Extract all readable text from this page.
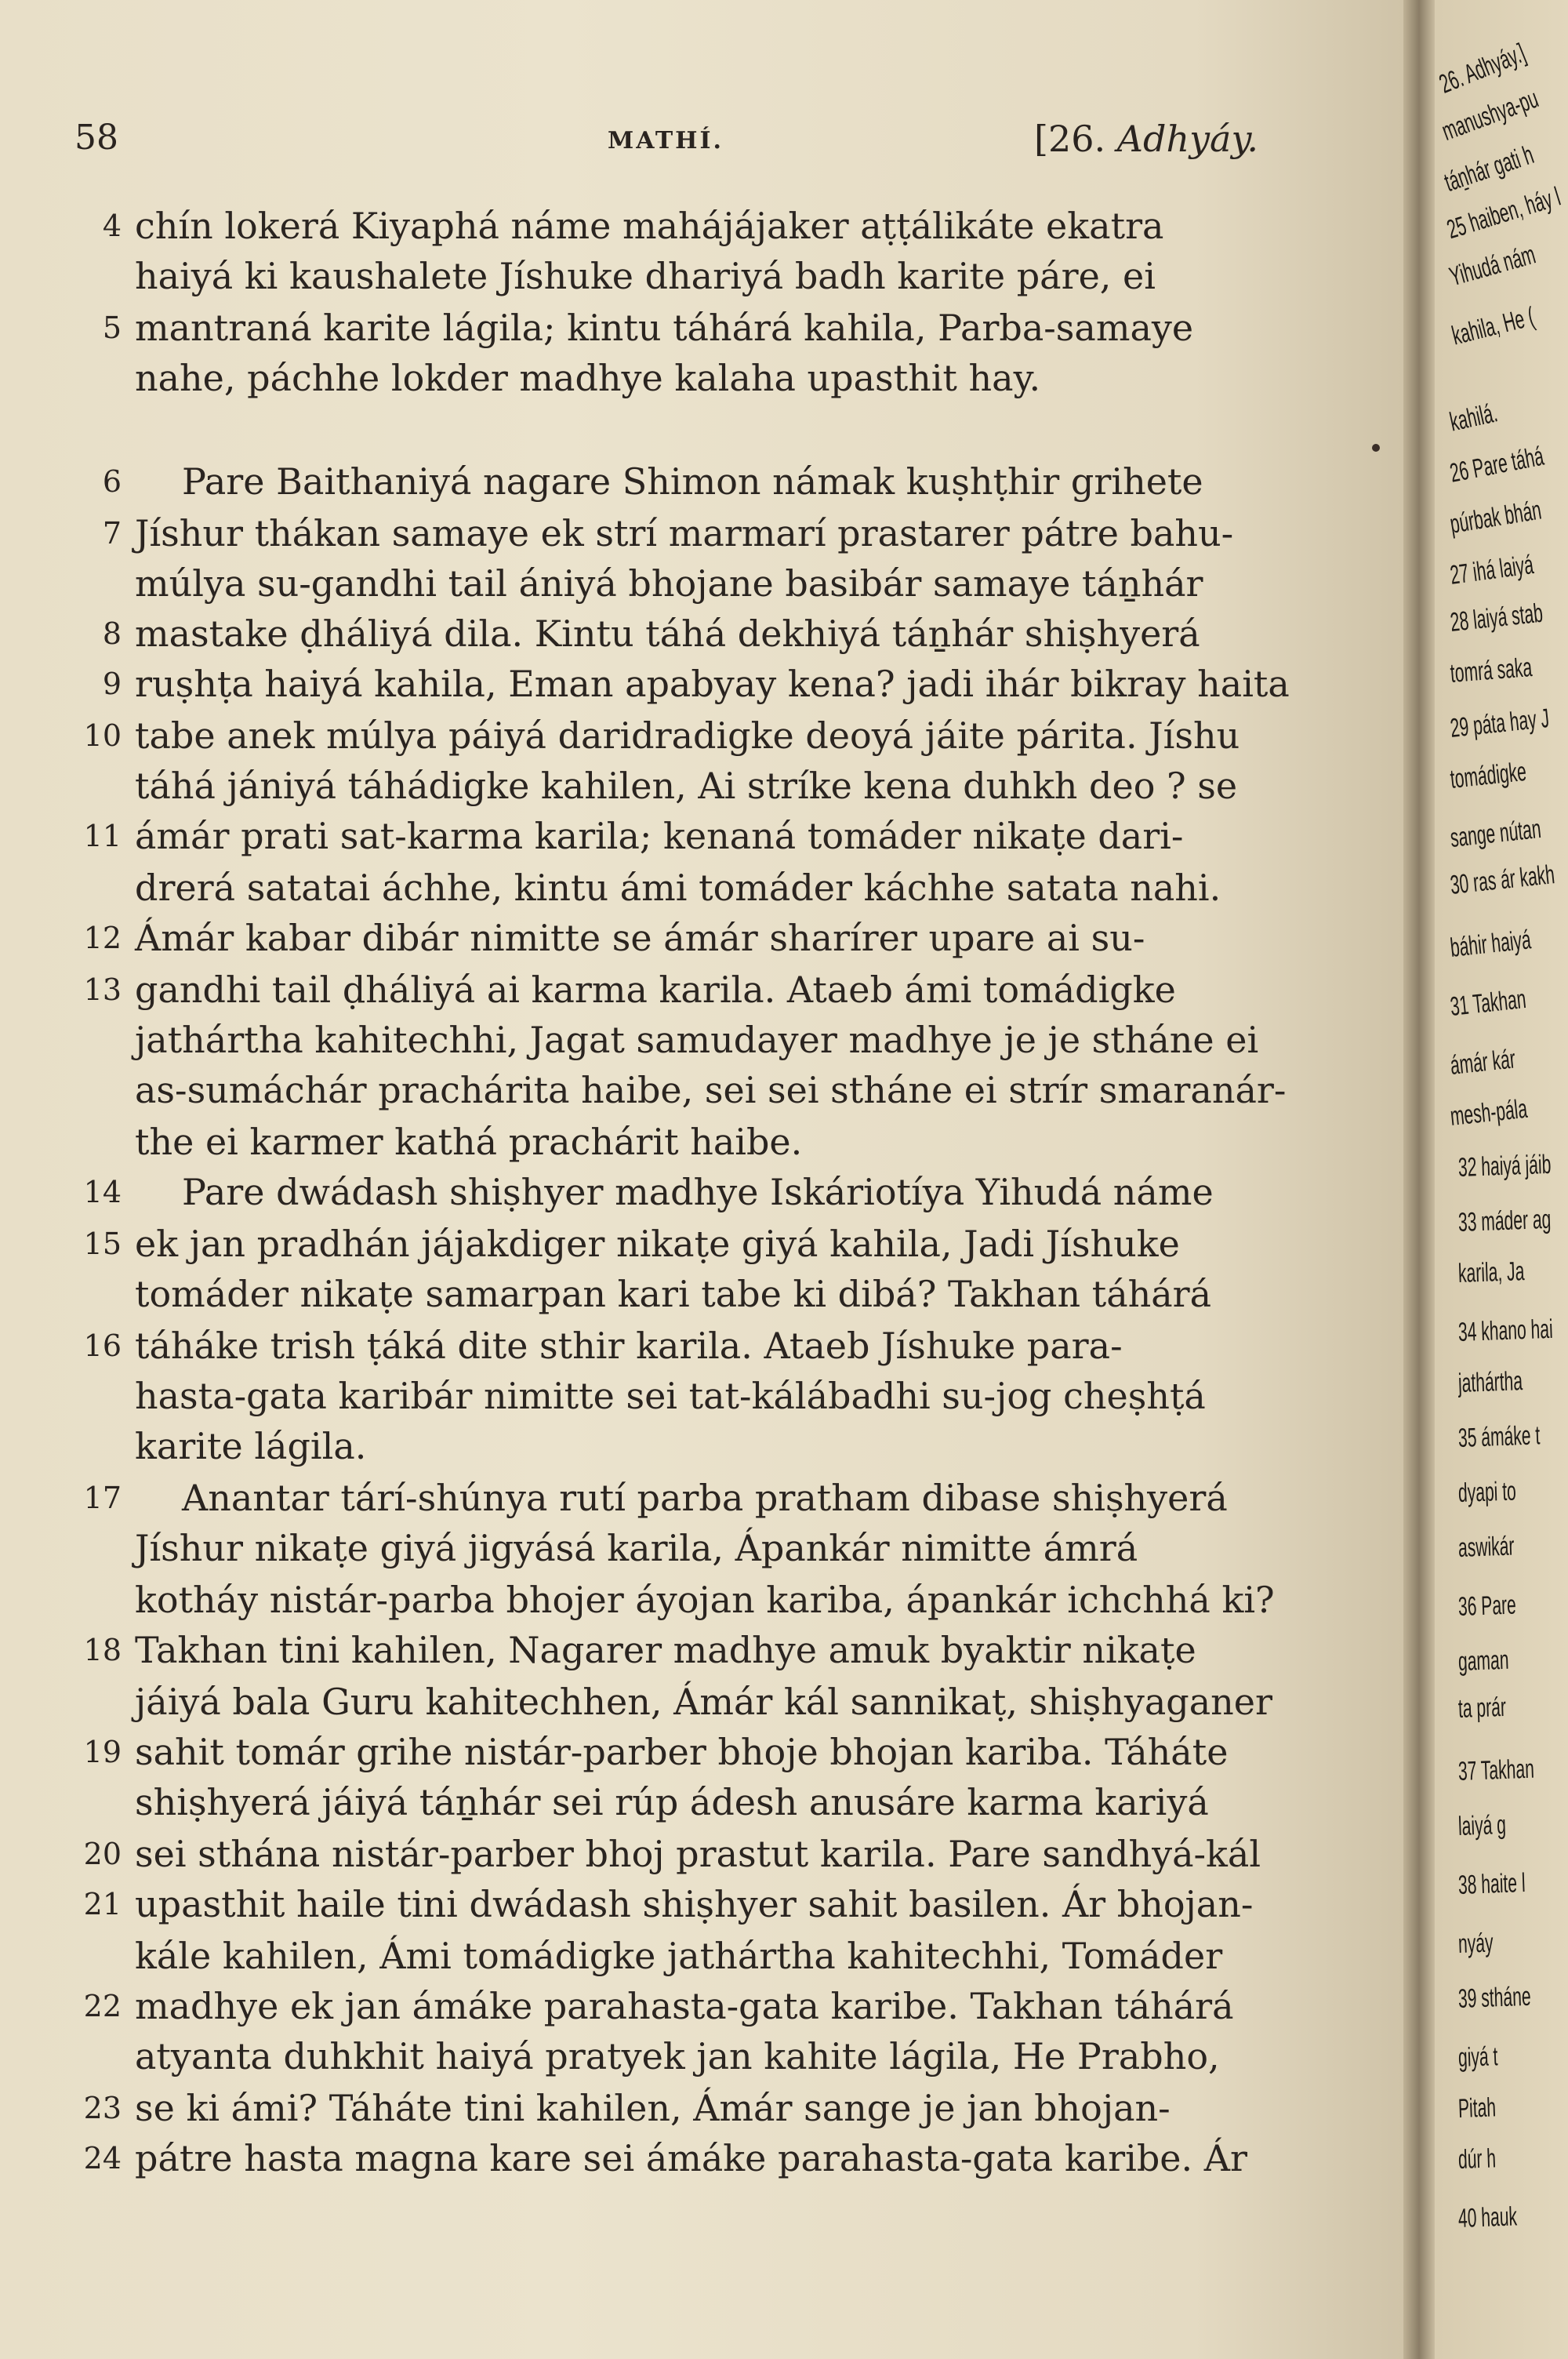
58	MATHÍ.	[26. Adhyáy.
4 chín lokerá Kiyaphá náme mahájájaker aṭṭálikáte ekatra
haiyá ki kaushalete Jíshuke dhariyá badh karite páre, ei
5 mantraná karite lágila; kintu táhárá kahila, Parba-samaye
nahe, páchhe lokder madhye kalaha upasthit hay.
6 Pare Baithaniyá nagare Shimon námak kuṣhṭhir grihete
7 Jíshur thákan samaye ek strí marmarí prastarer pátre bahu-
múlya su-gandhi tail ániyá bhojane basibár samaye táṉhár
8 mastake ḍháliyá dila. Kintu táhá dekhiyá táṉhár shiṣhyerá
9 ruṣhṭa haiyá kahila, Eman apabyay kena? jadi ihár bikray haita
10 tabe anek múlya páiyá daridradigke deoyá jáite párita. Jíshu
táhá jániyá táhádigke kahilen, Ai stríke kena duhkh deo ? se
11 ámár prati sat-karma karila; kenaná tomáder nikaṭe dari-
drerá satatai áchhe, kintu ámi tomáder káchhe satata nahi.
12 Ámár kabar dibár nimitte se ámár sharírer upare ai su-
13 gandhi tail ḍháliyá ai karma karila. Ataeb ámi tomádigke
jathártha kahitechhi, Jagat samudayer madhye je je stháne ei
as-sumáchár prachárita haibe, sei sei stháne ei strír smaranár-
the ei karmer kathá prachárit haibe.
14 Pare dwádash shiṣhyer madhye Iskáriotíya Yihudá náme
15 ek jan pradhán jájakdiger nikaṭe giyá kahila, Jadi Jíshuke
tomáder nikaṭe samarpan kari tabe ki dibá? Takhan táhárá
16 táháke trish ṭáká dite sthir karila. Ataeb Jíshuke para-
hasta-gata karibár nimitte sei tat-kálábadhi su-jog cheṣhṭá
karite lágila.
17 Anantar tárí-shúnya rutí parba pratham dibase shiṣhyerá
Jíshur nikaṭe giyá jigyásá karila, Ápankár nimitte ámrá
kotháy nistár-parba bhojer áyojan kariba, ápankár ichchhá ki?
18 Takhan tini kahilen, Nagarer madhye amuk byaktir nikaṭe
jáiyá bala Guru kahitechhen, Ámár kál sannikaṭ, shiṣhyaganer
19 sahit tomár grihe nistár-parber bhoje bhojan kariba. Táháte
shiṣhyerá jáiyá táṉhár sei rúp ádesh anusáre karma kariyá
20 sei sthána nistár-parber bhoj prastut karila. Pare sandhyá-kál
21 upasthit haile tini dwádash shiṣhyer sahit basilen. Ár bhojan-
kále kahilen, Ámi tomádigke jathártha kahitechhi, Tomáder
22 madhye ek jan ámáke parahasta-gata karibe. Takhan táhárá
atyanta duhkhit haiyá pratyek jan kahite lágila, He Prabho,
23 se ki ámi? Táháte tini kahilen, Ámár sange je jan bhojan-
24 pátre hasta magna kare sei ámáke parahasta-gata karibe. Ár
26. Adhyáy.]
manushya-pu
táṉhár gati h
25 haiben, háy l
Yihudá nám
kahila, He (
kahilá.
26 Pare táhá
púrbak bhán
27 ihá laiyá
28 laiyá stab
tomrá saka
29 páta hay J
tomádigke
sange nútan
30 ras ár kakh
báhir haiyá
31 Takhan
ámár kár
mesh-pála
32 haiyá jáib
33 máder ag
karila, Ja
34 khano hai
jathártha
35 ámáke t
dyapi to
aswikár
36 Pare
gaman
ta prár
37 Takhan
laiyá g
38 haite l
nyáy
39 stháne
giyá t
Pitah
dúr h
40 hauk
